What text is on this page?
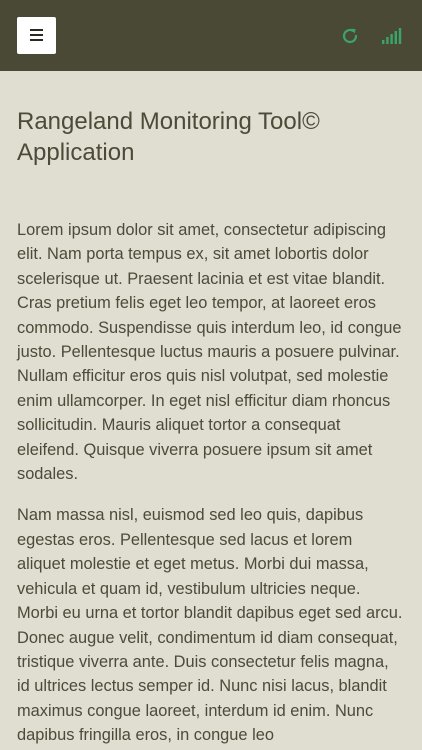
Rangeland Monitoring Tool© Application

Lorem ipsum dolor sit amet, consectetur adipiscing elit. Nam porta tempus ex, sit amet lobortis dolor scelerisque ut. Praesent lacinia et est vitae blandit. Cras pretium felis eget leo tempor, at laoreet eros commodo. Suspendisse quis interdum leo, id congue justo. Pellentesque luctus mauris a posuere pulvinar. Nullam efficitur eros quis nisl volutpat, sed molestie enim ullamcorper. In eget nisl efficitur diam rhoncus sollicitudin. Mauris aliquet tortor a consequat eleifend. Quisque viverra posuere ipsum sit amet sodales.

Nam massa nisl, euismod sed leo quis, dapibus egestas eros. Pellentesque sed lacus et lorem aliquet molestie et eget metus. Morbi dui massa, vehicula et quam id, vestibulum ultricies neque. Morbi eu urna et tortor blandit dapibus eget sed arcu. Donec augue velit, condimentum id diam consequat, tristique viverra ante. Duis consectetur felis magna, id ultrices lectus semper id. Nunc nisi lacus, blandit maximus congue laoreet, interdum id enim. Nunc dapibus fringilla eros, in congue leo
